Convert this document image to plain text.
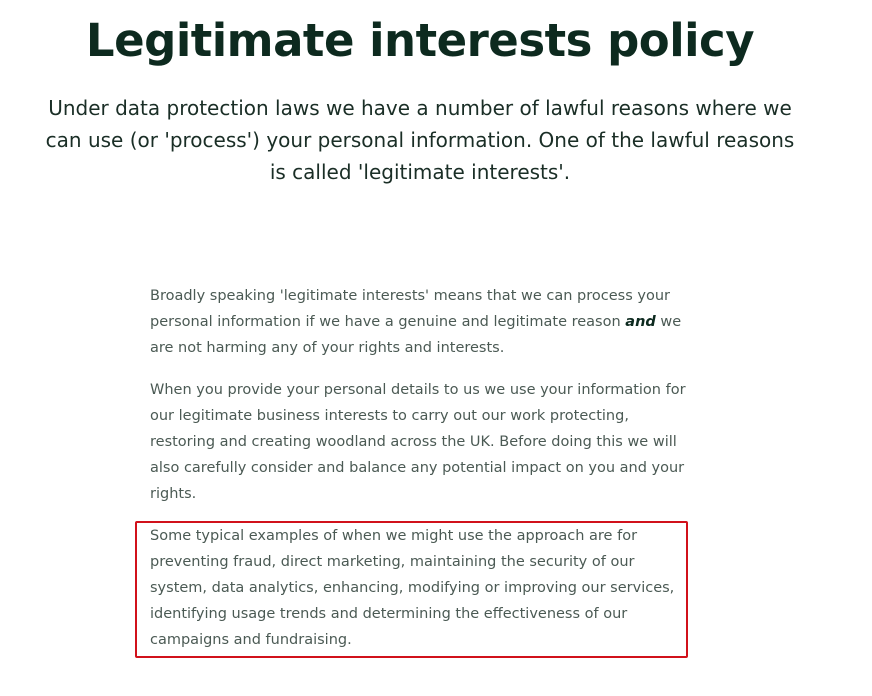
Legitimate interests policy

Under data protection laws we have a number of lawful reasons where we can use (or 'process') your personal information. One of the lawful reasons is called 'legitimate interests'.

Broadly speaking 'legitimate interests' means that we can process your personal information if we have a genuine and legitimate reason and we are not harming any of your rights and interests.

When you provide your personal details to us we use your information for our legitimate business interests to carry out our work protecting, restoring and creating woodland across the UK. Before doing this we will also carefully consider and balance any potential impact on you and your rights.

Some typical examples of when we might use the approach are for preventing fraud, direct marketing, maintaining the security of our system, data analytics, enhancing, modifying or improving our services, identifying usage trends and determining the effectiveness of our campaigns and fundraising.
